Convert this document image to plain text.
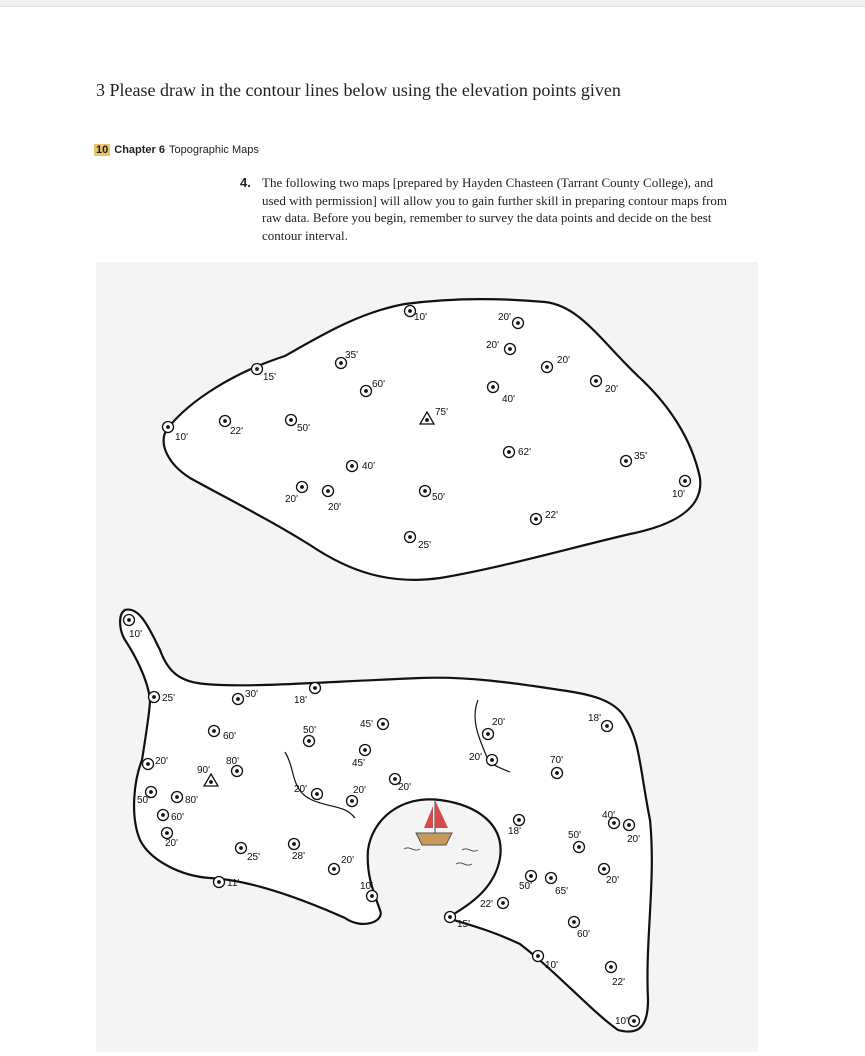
3 Please draw in the contour lines below using the elevation points given
10 Chapter 6 Topographic Maps
4. The following two maps [prepared by Hayden Chasteen (Tarrant County College), and used with permission] will allow you to gain further skill in preparing contour maps from raw data. Before you begin, remember to survey the data points and decide on the best contour interval.
10'	20'
20'
20'
35'
15'
60'
40'
20'
10'
22'	50'
40'
62'	35'
20'
20'
50'	10'
22'
25'
75'
10'
25'	30'
18'
45'
50'
60'
20'	18'
45'
20'	80'	20'	70'
20'
50'	80'
20'	20'
60'	40'
20'
18'
20'
50'
25'	28'	20'
20'
50' 65'
11'	10'
22'
15'
60'
10'
22'
10'
90'
